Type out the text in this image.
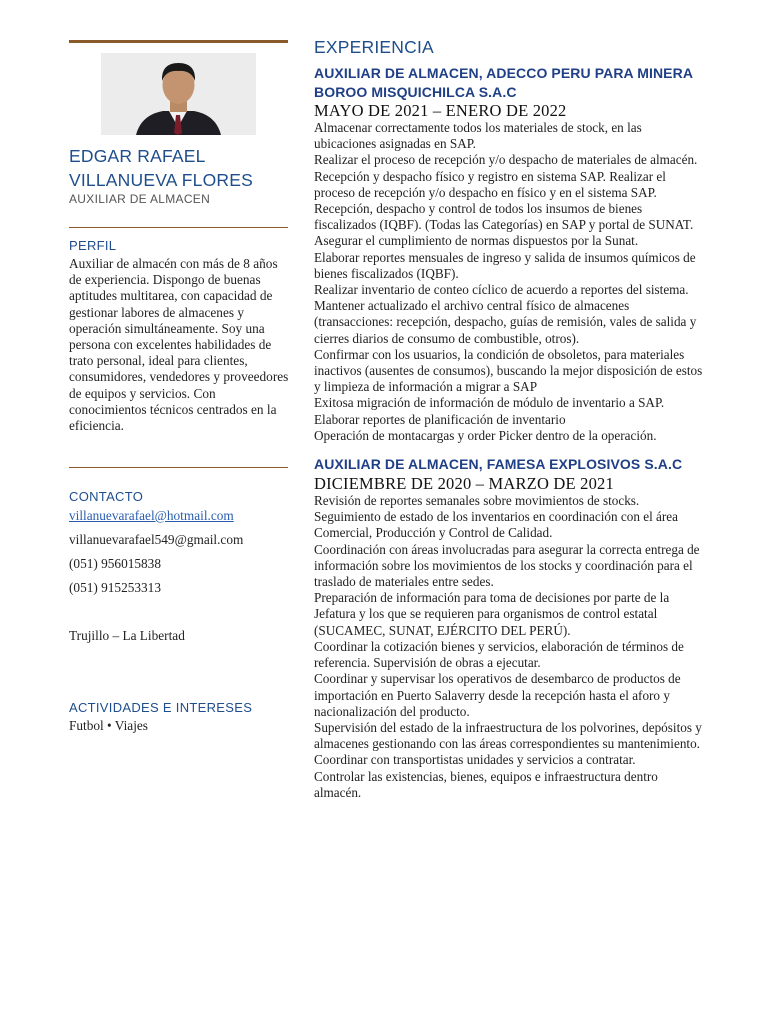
EDGAR RAFAEL
VILLANUEVA FLORES
AUXILIAR DE ALMACEN
PERFIL
Auxiliar de almacén con más de 8 años de experiencia. Dispongo de buenas aptitudes multitarea, con capacidad de gestionar labores de almacenes y operación simultáneamente. Soy una persona con excelentes habilidades de trato personal, ideal para clientes, consumidores, vendedores y proveedores de equipos y servicios. Con conocimientos técnicos centrados en la eficiencia.
CONTACTO
villanuevarafael@hotmail.com
villanuevarafael549@gmail.com
(051) 956015838
(051) 915253313
Trujillo – La Libertad
ACTIVIDADES E INTERESES
Futbol • Viajes
EXPERIENCIA
AUXILIAR DE ALMACEN, ADECCO PERU PARA MINERA BOROO MISQUICHILCA S.A.C
MAYO DE 2021 – ENERO DE 2022
Almacenar correctamente todos los materiales de stock, en las ubicaciones asignadas en SAP.
Realizar el proceso de recepción y/o despacho de materiales de almacén.
Recepción y despacho físico y registro en sistema SAP. Realizar el proceso de recepción y/o despacho en físico y en el sistema SAP.
Recepción, despacho y control de todos los insumos de bienes fiscalizados (IQBF). (Todas las Categorías) en SAP y portal de SUNAT. Asegurar el cumplimiento de normas dispuestos por la Sunat.
Elaborar reportes mensuales de ingreso y salida de insumos químicos de bienes fiscalizados (IQBF).
Realizar inventario de conteo cíclico de acuerdo a reportes del sistema.
Mantener actualizado el archivo central físico de almacenes (transacciones: recepción, despacho, guías de remisión, vales de salida y cierres diarios de consumo de combustible, otros).
Confirmar con los usuarios, la condición de obsoletos, para materiales inactivos (ausentes de consumos), buscando la mejor disposición de estos y limpieza de información a migrar a SAP
Exitosa migración de información de módulo de inventario a SAP.
Elaborar reportes de planificación de inventario
Operación de montacargas y order Picker dentro de la operación.
AUXILIAR DE ALMACEN, FAMESA EXPLOSIVOS S.A.C
DICIEMBRE DE 2020 – MARZO DE 2021
Revisión de reportes semanales sobre movimientos de stocks.
Seguimiento de estado de los inventarios en coordinación con el área Comercial, Producción y Control de Calidad.
Coordinación con áreas involucradas para asegurar la correcta entrega de información sobre los movimientos de los stocks y coordinación para el traslado de materiales entre sedes.
Preparación de información para toma de decisiones por parte de la Jefatura y los que se requieren para organismos de control estatal (SUCAMEC, SUNAT, EJÉRCITO DEL PERÚ).
Coordinar la cotización bienes y servicios, elaboración de términos de referencia. Supervisión de obras a ejecutar.
Coordinar y supervisar los operativos de desembarco de productos de importación en Puerto Salaverry desde la recepción hasta el aforo y nacionalización del producto.
Supervisión del estado de la infraestructura de los polvorines, depósitos y almacenes gestionando con las áreas correspondientes su mantenimiento.
Coordinar con transportistas unidades y servicios a contratar.
Controlar las existencias, bienes, equipos e infraestructura dentro almacén.
